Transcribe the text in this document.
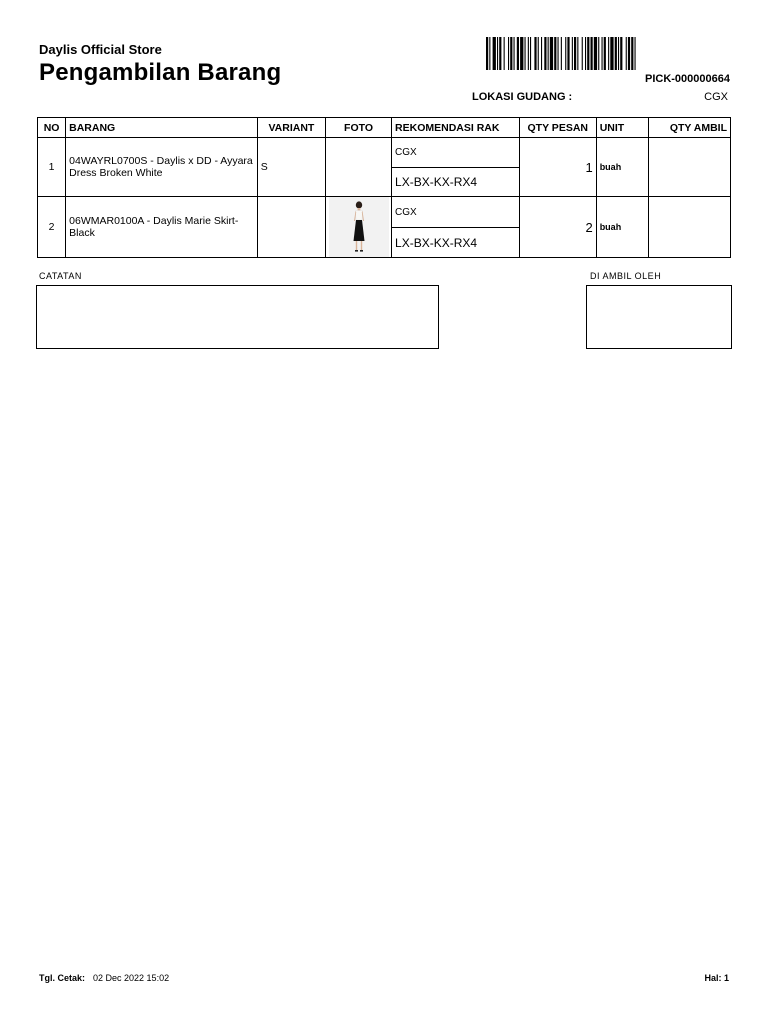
Daylis Official Store
Pengambilan Barang	PICK-000000664
LOKASI GUDANG :	CGX
NO	BARANG	VARIANT	FOTO	REKOMENDASI RAK	QTY PESAN	UNIT	QTY AMBIL
1	04WAYRL0700S - Daylis x DD - Ayyara Dress Broken White	S		CGX	1	buah	
				LX-BX-KX-RX4			
2	06WMAR0100A - Daylis Marie Skirt-Black			CGX	2	buah	
				LX-BX-KX-RX4			
CATATAN	DI AMBIL OLEH
Tgl. Cetak: 02 Dec 2022 15:02	Hal: 1
